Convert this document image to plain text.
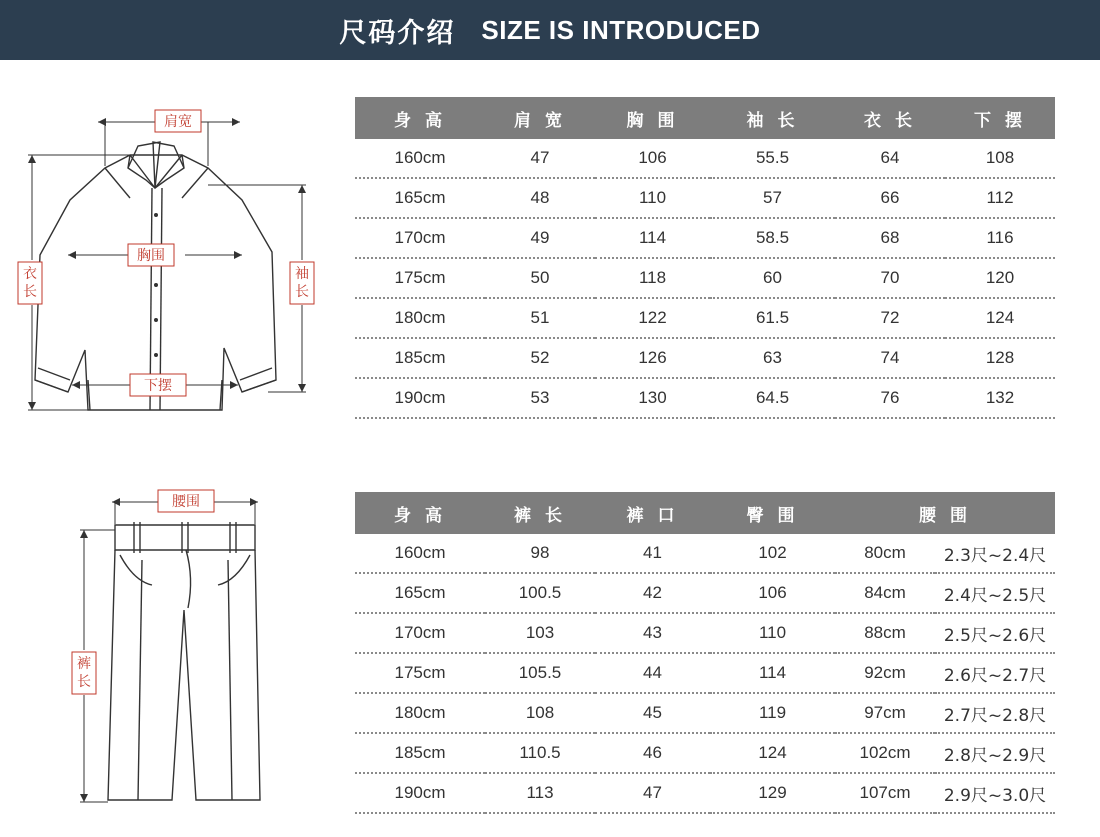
尺码介绍 SIZE IS INTRODUCED
肩宽
胸围
下摆
衣
长
袖
长
腰围
裤
长
身 高	肩 宽	胸 围	袖 长	衣 长	下 摆
160cm	47	106	55.5	64	108
165cm	48	110	57	66	112
170cm	49	114	58.5	68	116
175cm	50	118	60	70	120
180cm	51	122	61.5	72	124
185cm	52	126	63	74	128
190cm	53	130	64.5	76	132
身 高	裤 长	裤 口	臀 围	腰 围	
160cm	98	41	102	80cm	2.3尺~2.4尺
165cm	100.5	42	106	84cm	2.4尺~2.5尺
170cm	103	43	110	88cm	2.5尺~2.6尺
175cm	105.5	44	114	92cm	2.6尺~2.7尺
180cm	108	45	119	97cm	2.7尺~2.8尺
185cm	110.5	46	124	102cm	2.8尺~2.9尺
190cm	113	47	129	107cm	2.9尺~3.0尺
